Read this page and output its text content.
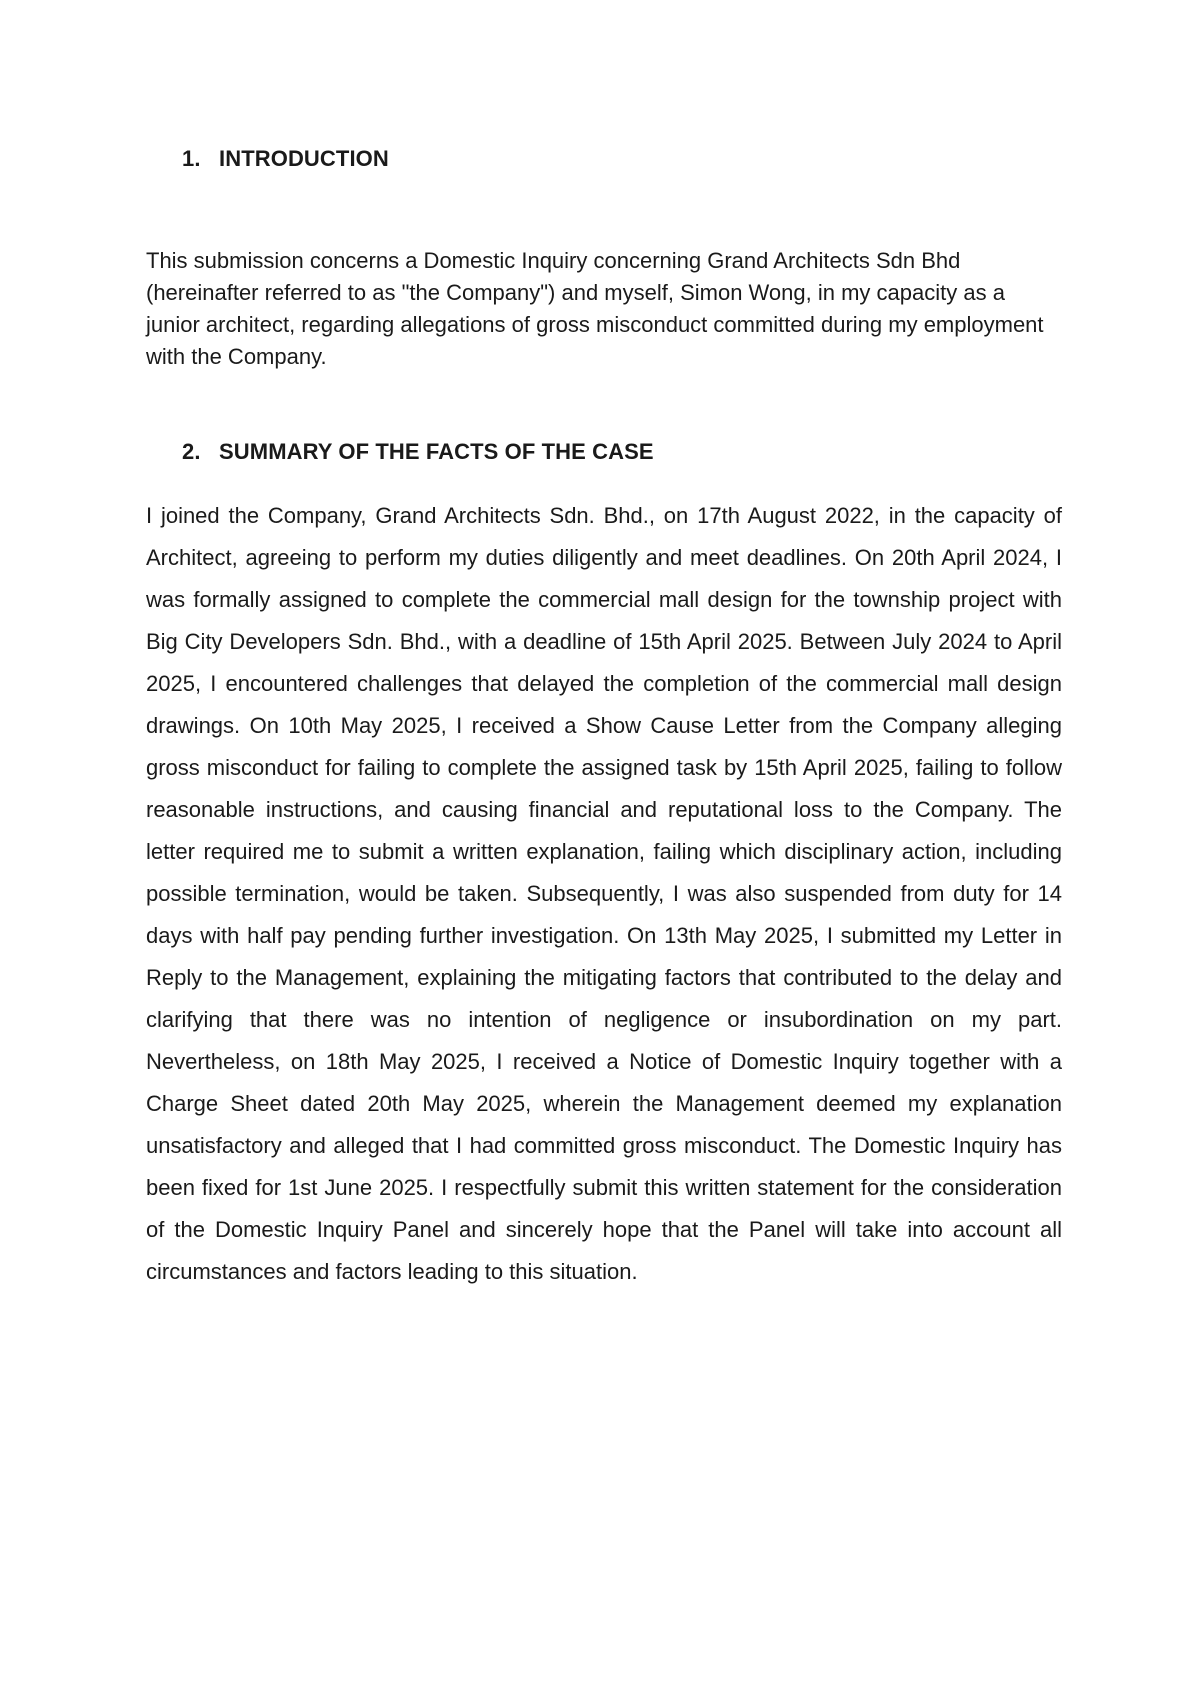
1. INTRODUCTION

This submission concerns a Domestic Inquiry concerning Grand Architects Sdn Bhd (hereinafter referred to as "the Company") and myself, Simon Wong, in my capacity as a junior architect, regarding allegations of gross misconduct committed during my employment with the Company.

2. SUMMARY OF THE FACTS OF THE CASE

I joined the Company, Grand Architects Sdn. Bhd., on 17th August 2022, in the capacity of Architect, agreeing to perform my duties diligently and meet deadlines. On 20th April 2024, I was formally assigned to complete the commercial mall design for the township project with Big City Developers Sdn. Bhd., with a deadline of 15th April 2025. Between July 2024 to April 2025, I encountered challenges that delayed the completion of the commercial mall design drawings. On 10th May 2025, I received a Show Cause Letter from the Company alleging gross misconduct for failing to complete the assigned task by 15th April 2025, failing to follow reasonable instructions, and causing financial and reputational loss to the Company. The letter required me to submit a written explanation, failing which disciplinary action, including possible termination, would be taken. Subsequently, I was also suspended from duty for 14 days with half pay pending further investigation. On 13th May 2025, I submitted my Letter in Reply to the Management, explaining the mitigating factors that contributed to the delay and clarifying that there was no intention of negligence or insubordination on my part. Nevertheless, on 18th May 2025, I received a Notice of Domestic Inquiry together with a Charge Sheet dated 20th May 2025, wherein the Management deemed my explanation unsatisfactory and alleged that I had committed gross misconduct. The Domestic Inquiry has been fixed for 1st June 2025. I respectfully submit this written statement for the consideration of the Domestic Inquiry Panel and sincerely hope that the Panel will take into account all circumstances and factors leading to this situation.
